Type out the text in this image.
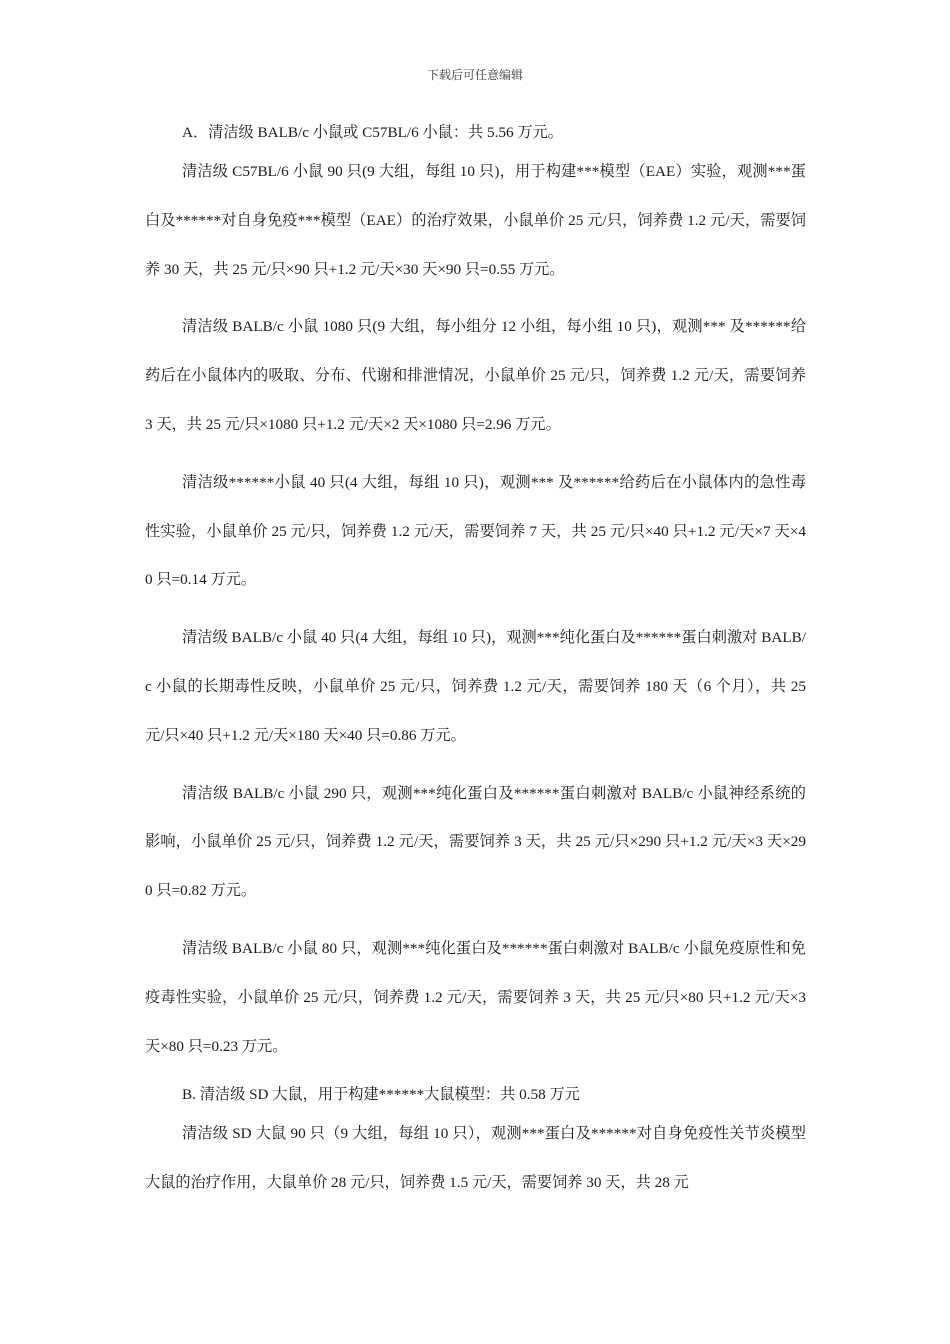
下载后可任意编辑

A．清洁级 BALB/c 小鼠或 C57BL/6 小鼠：共 5.56 万元。

清洁级 C57BL/6 小鼠 90 只(9 大组，每组 10 只)，用于构建***模型（EAE）实验，观测***蛋白及******对自身免疫***模型（EAE）的治疗效果，小鼠单价 25 元/只，饲养费 1.2 元/天，需要饲养 30 天，共 25 元/只×90 只+1.2 元/天×30 天×90 只=0.55 万元。

清洁级 BALB/c 小鼠 1080 只(9 大组，每小组分 12 小组，每小组 10 只)，观测*** 及******给药后在小鼠体内的吸取、分布、代谢和排泄情况，小鼠单价 25 元/只，饲养费 1.2 元/天，需要饲养 3 天，共 25 元/只×1080 只+1.2 元/天×2 天×1080 只=2.96 万元。

清洁级******小鼠 40 只(4 大组，每组 10 只)，观测*** 及******给药后在小鼠体内的急性毒性实验，小鼠单价 25 元/只，饲养费 1.2 元/天，需要饲养 7 天，共 25 元/只×40 只+1.2 元/天×7 天×40 只=0.14 万元。

清洁级 BALB/c 小鼠 40 只(4 大组，每组 10 只)，观测***纯化蛋白及******蛋白刺激对 BALB/c 小鼠的长期毒性反映，小鼠单价 25 元/只，饲养费 1.2 元/天，需要饲养 180 天（6 个月），共 25 元/只×40 只+1.2 元/天×180 天×40 只=0.86 万元。

清洁级 BALB/c 小鼠 290 只，观测***纯化蛋白及******蛋白刺激对 BALB/c 小鼠神经系统的影响，小鼠单价 25 元/只，饲养费 1.2 元/天，需要饲养 3 天，共 25 元/只×290 只+1.2 元/天×3 天×290 只=0.82 万元。

清洁级 BALB/c 小鼠 80 只，观测***纯化蛋白及******蛋白刺激对 BALB/c 小鼠免疫原性和免疫毒性实验，小鼠单价 25 元/只，饲养费 1.2 元/天，需要饲养 3 天，共 25 元/只×80 只+1.2 元/天×3 天×80 只=0.23 万元。

B. 清洁级 SD 大鼠，用于构建******大鼠模型：共 0.58 万元

清洁级 SD 大鼠 90 只（9 大组，每组 10 只），观测***蛋白及******对自身免疫性关节炎模型大鼠的治疗作用，大鼠单价 28 元/只，饲养费 1.5 元/天，需要饲养 30 天，共 28 元
